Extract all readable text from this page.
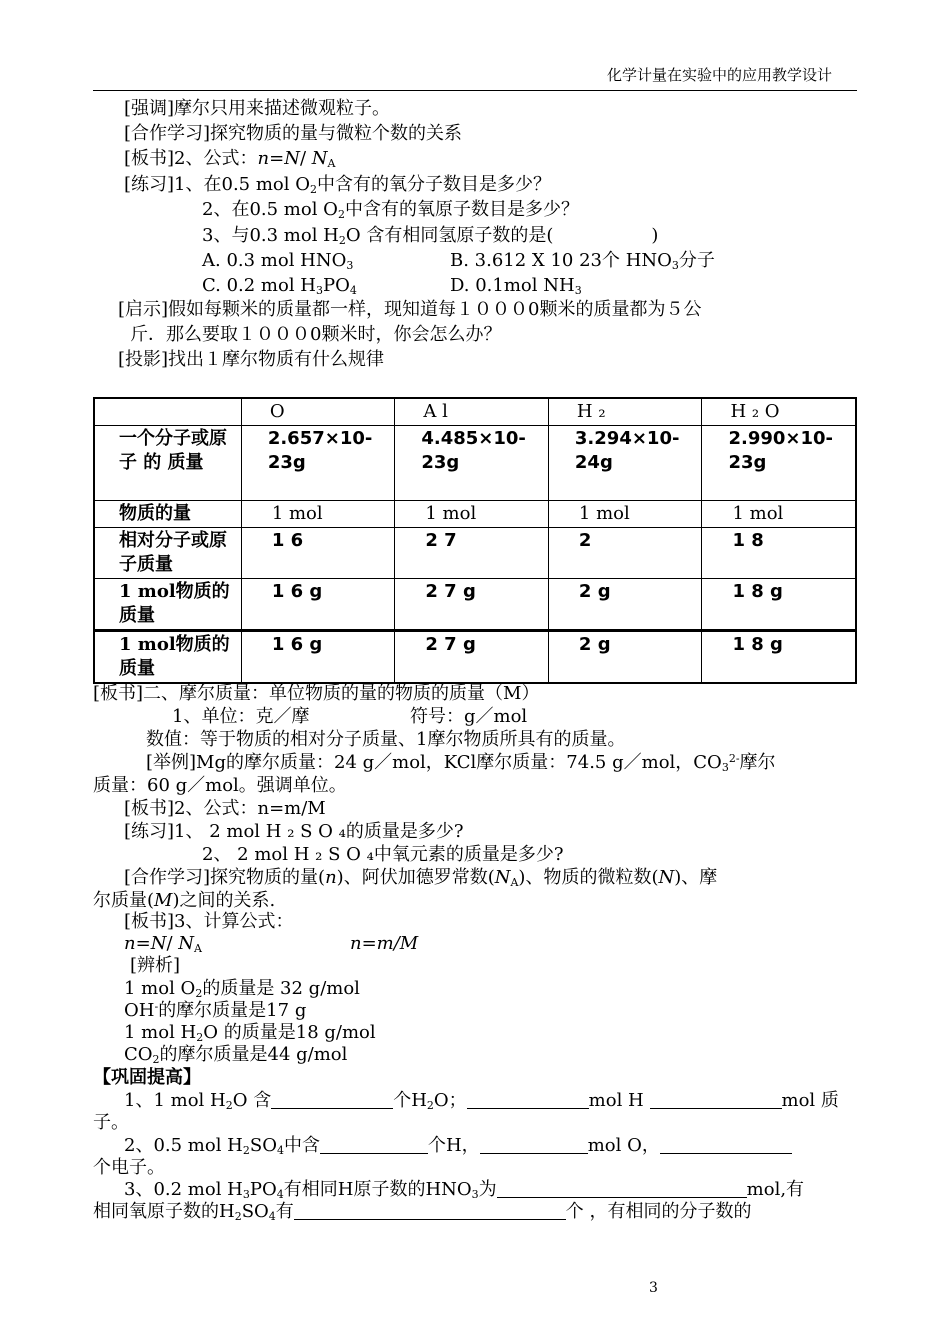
化学计量在实验中的应用教学设计
[强调]摩尔只用来描述微观粒子。
[合作学习]探究物质的量与微粒个数的关系
[板书]2、公式：n=N/ $N_A$
[练习]1、在0.5 mol $O_2$中含有的氧分子数目是多少？
2、在0.5 mol $O_2$中含有的氧原子数目是多少？
3、与0.3 mol $H_2O$ 含有相同氢原子数的是(	)
A. 0.3 mol $HNO_3$	B. 3.612 X 10 23个 $HNO_3$分子
C. 0.2 mol $H_3PO_4$	D. 0.1mol $NH_3$
[启示]假如每颗米的质量都一样，现知道每１０００0颗米的质量都为５公
斤．那么要取１０００0颗米时，你会怎么办？
[投影]找出１摩尔物质有什么规律
	O	A l	H ₂	H ₂ O
一个分子或原 子 的 质量	2.657×10-23g	4.485×10-23g	3.294×10-24g	2.990×10-23g
物质的量	1 mol	1 mol	1 mol	1 mol
相对分子或原子质量	1 6	2 7	2	1 8
1 mol物质的质量	1 6 g	2 7 g	2 g	1 8 g
1 mol物质的质量	1 6 g	2 7 g	2 g	1 8 g
[板书]二、摩尔质量：单位物质的量的物质的质量（M）
1、单位：克／摩	符号：g／mol
数值：等于物质的相对分子质量、1摩尔物质所具有的质量。
[举例]Mg的摩尔质量：24 g／mol，KCl摩尔质量：74.5 g／mol，$CO_3^{2-}$摩尔
质量：60 g／mol。强调单位。
[板书]2、公式：n=m/M
[练习]1、 2 mol H ₂ S O ₄的质量是多少?
2、 2 mol H ₂ S O ₄中氧元素的质量是多少?
[合作学习]探究物质的量(n)、阿伏加德罗常数$(N_A)$、物质的微粒数(N)、摩
尔质量(M)之间的关系.
[板书]3、计算公式：
n=N/ $N_A$	n=m/M
[辨析]
1 mol $O_2$的质量是 32 g/mol
OH-的摩尔质量是17 g
1 mol $H_2O$ 的质量是18 g/mol
$CO_2$的摩尔质量是44 g/mol
【巩固提高】
1、1 mol $H_2O$ 含	个$H_2O$；	mol H	mol 质
子。
2、0.5 mol $H_2SO_4$中含	个H，	mol O，
个电子。
3、0.2 mol $H_3PO_4$有相同H原子数的$HNO_3$为	mol,有
相同氧原子数的$H_2SO_4$有	个 ，有相同的分子数的
3
